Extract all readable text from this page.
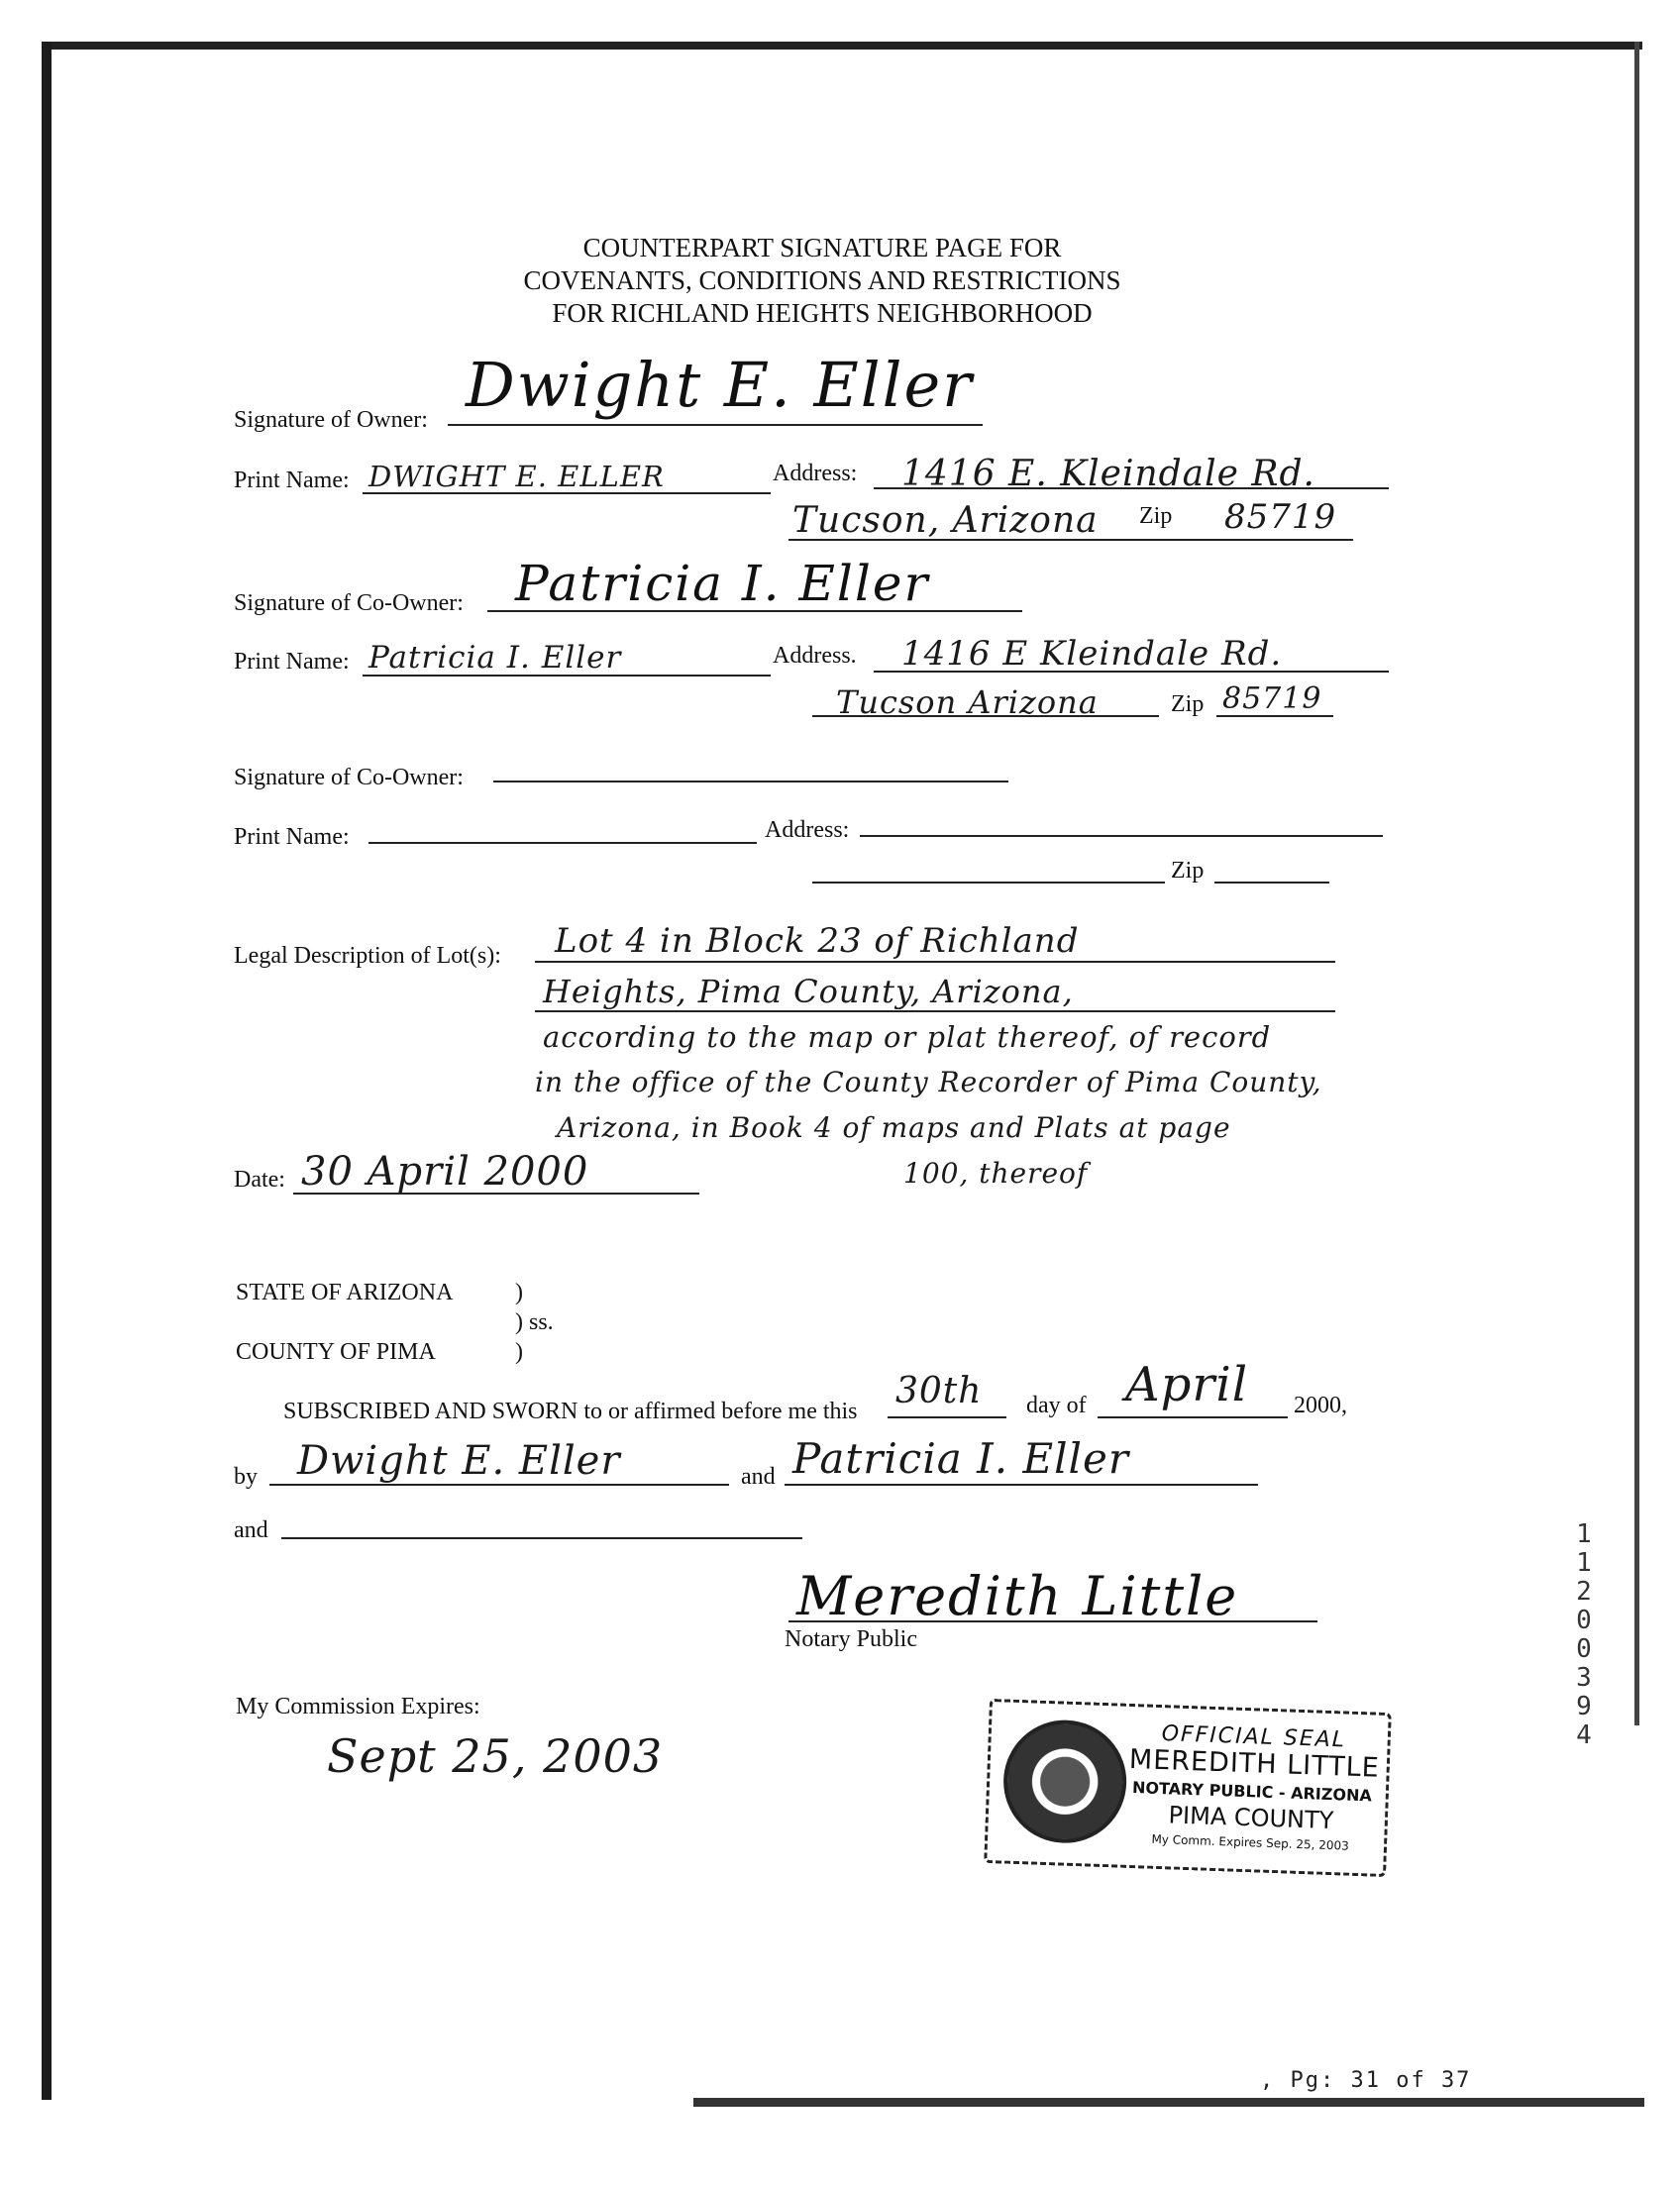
COUNTERPART SIGNATURE PAGE FOR
COVENANTS, CONDITIONS AND RESTRICTIONS
FOR RICHLAND HEIGHTS NEIGHBORHOOD
Signature of Owner: Dwight E. Eller
Print Name: DWIGHT E. ELLER	Address: 1416 E. Kleindale Rd.
Tucson, Arizona Zip 85719
Signature of Co-Owner: Patricia I. Eller
Print Name: Patricia I. Eller	Address. 1416 E Kleindale Rd.
Tucson Arizona	Zip 85719
Signature of Co-Owner:
Print Name:	Address:
Zip
Legal Description of Lot(s): Lot 4 in Block 23 of Richland
Heights, Pima County, Arizona,
according to the map or plat thereof, of record
in the office of the County Recorder of Pima County,
Arizona, in Book 4 of maps and Plats at page
100, thereof
Date: 30 April 2000
STATE OF ARIZONA	)
) ss.
COUNTY OF PIMA	)
SUBSCRIBED AND SWORN to or affirmed before me this 30th day of April 2000,
by Dwight E. Eller	and Patricia I. Eller
and
Meredith Little
Notary Public
My Commission Expires:
Sept 25, 2003	OFFICIAL SEAL
MEREDITH LITTLE
NOTARY PUBLIC - ARIZONA
PIMA COUNTY
My Comm. Expires Sep. 25, 2003
1
1
2
0
0
3
9
4
, Pg: 31 of 37
